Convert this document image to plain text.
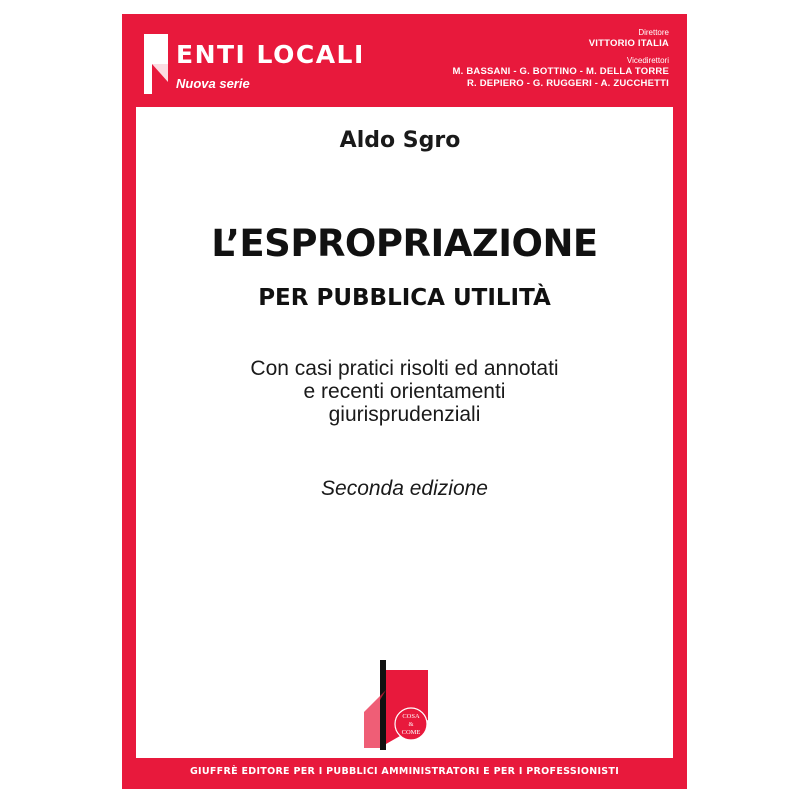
ENTI LOCALI
Nuova serie
Direttore
VITTORIO ITALIA
Vicedirettori
M. BASSANI - G. BOTTINO - M. DELLA TORRE
R. DEPIERO - G. RUGGERI - A. ZUCCHETTI
Aldo Sgro
L’ESPROPRIAZIONE
PER PUBBLICA UTILITÀ
Con casi pratici risolti ed annotati
e recenti orientamenti
giurisprudenziali
Seconda edizione
COSA
&
COME
GIUFFRÈ EDITORE PER I PUBBLICI AMMINISTRATORI E PER I PROFESSIONISTI
